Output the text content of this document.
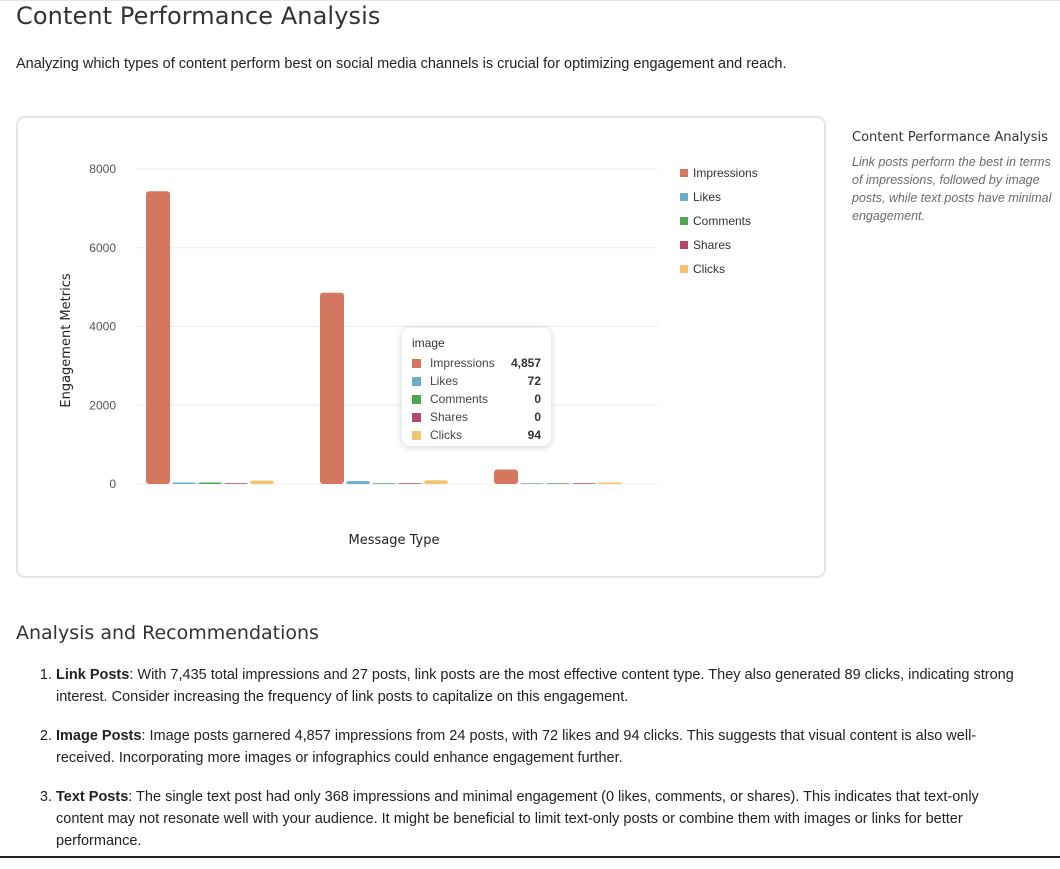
Content Performance Analysis

Analyzing which types of content perform best on social media channels is crucial for optimizing engagement and reach.

0
2000
4000
6000
8000	Impressions
Likes
Comments
Shares
Clicks
Engagement Metrics
Message Type
image
Impressions	4,857
Likes	72
Comments	0
Shares	0
Clicks	94

Content Performance Analysis

Link posts perform the best in terms of impressions, followed by image posts, while text posts have minimal engagement.

Analysis and Recommendations
1. Link Posts: With 7,435 total impressions and 27 posts, link posts are the most effective content type. They also generated 89 clicks, indicating strong interest. Consider increasing the frequency of link posts to capitalize on this engagement.
2. Image Posts: Image posts garnered 4,857 impressions from 24 posts, with 72 likes and 94 clicks. This suggests that visual content is also well-received. Incorporating more images or infographics could enhance engagement further.
3. Text Posts: The single text post had only 368 impressions and minimal engagement (0 likes, comments, or shares). This indicates that text-only content may not resonate well with your audience. It might be beneficial to limit text-only posts or combine them with images or links for better performance.
